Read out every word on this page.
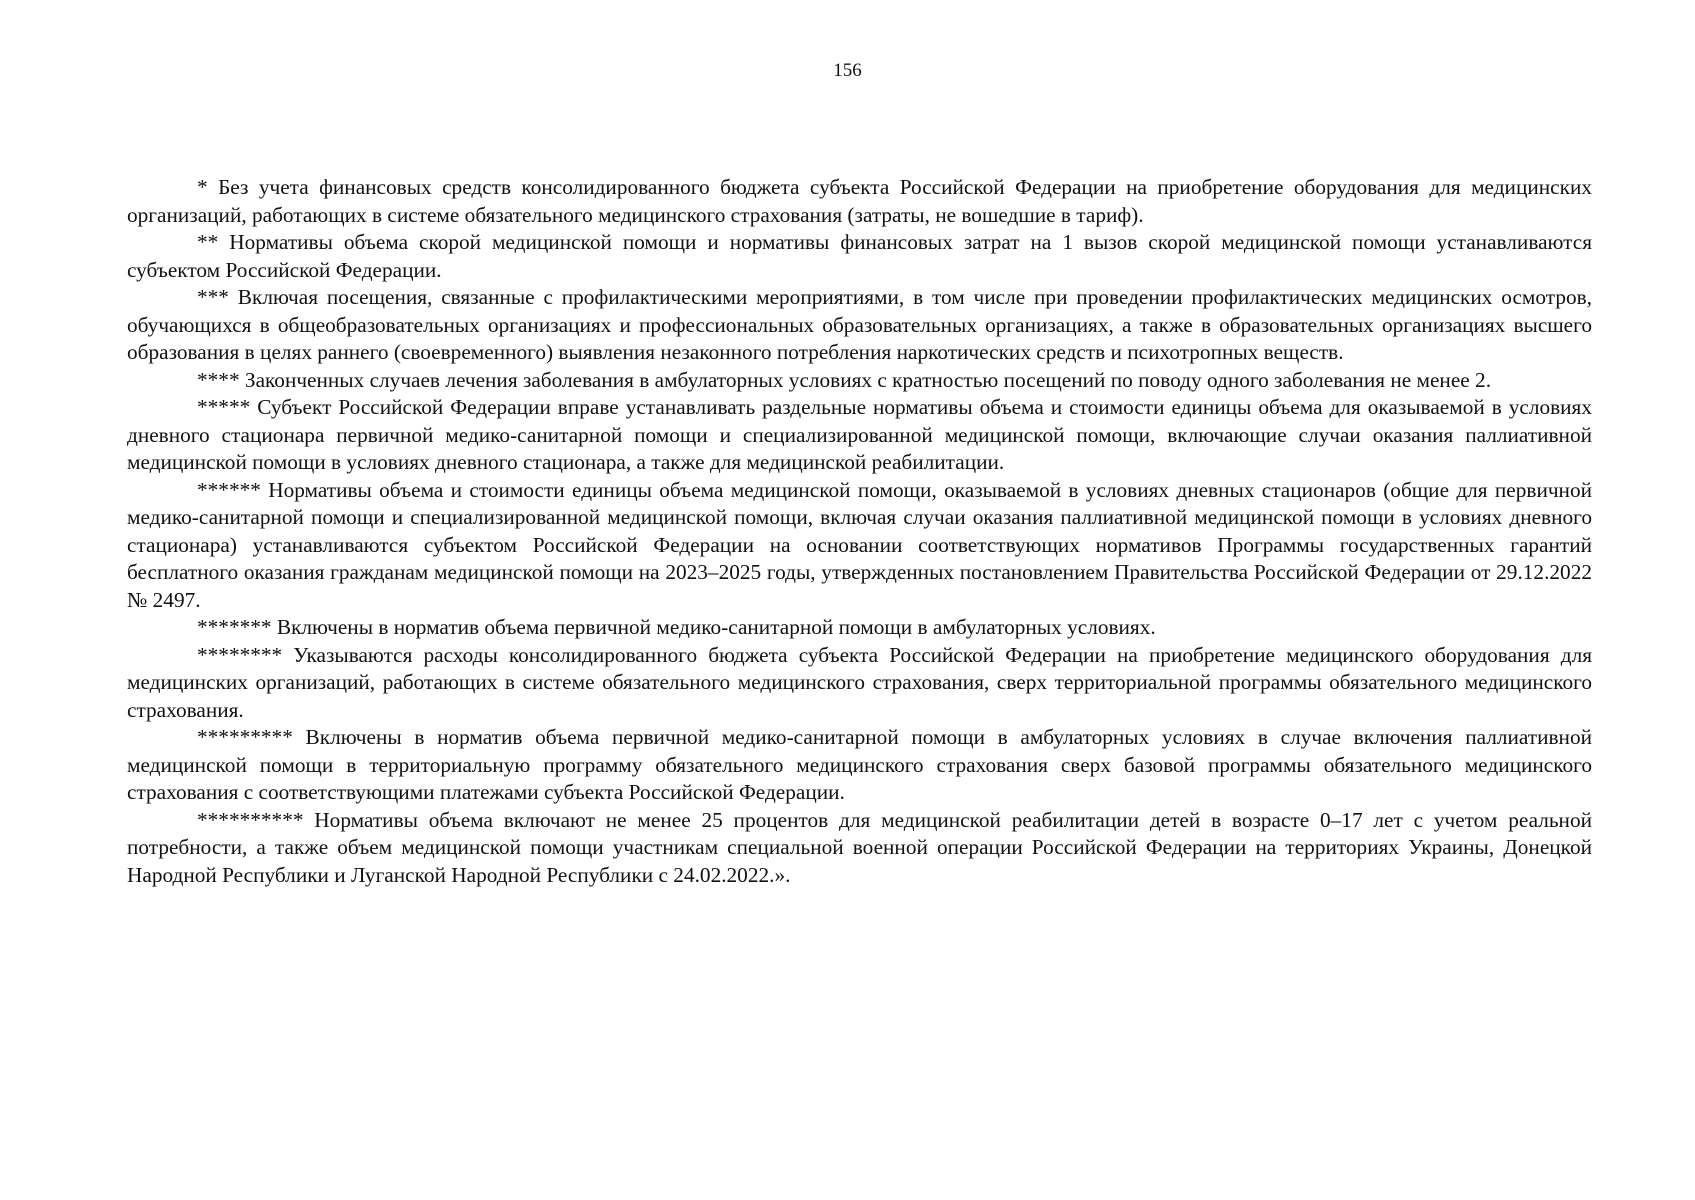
156

* Без учета финансовых средств консолидированного бюджета субъекта Российской Федерации на приобретение оборудования для медицинских организаций, работающих в системе обязательного медицинского страхования (затраты, не вошедшие в тариф).

** Нормативы объема скорой медицинской помощи и нормативы финансовых затрат на 1 вызов скорой медицинской помощи устанавливаются субъектом Российской Федерации.

*** Включая посещения, связанные с профилактическими мероприятиями, в том числе при проведении профилактических медицинских осмотров, обучающихся в общеобразовательных организациях и профессиональных образовательных организациях, а также в образовательных организациях высшего образования в целях раннего (своевременного) выявления незаконного потребления наркотических средств и психотропных веществ.

**** Законченных случаев лечения заболевания в амбулаторных условиях с кратностью посещений по поводу одного заболевания не менее 2.

***** Субъект Российской Федерации вправе устанавливать раздельные нормативы объема и стоимости единицы объема для оказываемой в условиях дневного стационара первичной медико-санитарной помощи и специализированной медицинской помощи, включающие случаи оказания паллиативной медицинской помощи в условиях дневного стационара, а также для медицинской реабилитации.

****** Нормативы объема и стоимости единицы объема медицинской помощи, оказываемой в условиях дневных стационаров (общие для первичной медико-санитарной помощи и специализированной медицинской помощи, включая случаи оказания паллиативной медицинской помощи в условиях дневного стационара) устанавливаются субъектом Российской Федерации на основании соответствующих нормативов Программы государственных гарантий бесплатного оказания гражданам медицинской помощи на 2023–2025 годы, утвержденных постановлением Правительства Российской Федерации от 29.12.2022 № 2497.

******* Включены в норматив объема первичной медико-санитарной помощи в амбулаторных условиях.

******** Указываются расходы консолидированного бюджета субъекта Российской Федерации на приобретение медицинского оборудования для медицинских организаций, работающих в системе обязательного медицинского страхования, сверх территориальной программы обязательного медицинского страхования.

********* Включены в норматив объема первичной медико-санитарной помощи в амбулаторных условиях в случае включения паллиативной медицинской помощи в территориальную программу обязательного медицинского страхования сверх базовой программы обязательного медицинского страхования с соответствующими платежами субъекта Российской Федерации.

********** Нормативы объема включают не менее 25 процентов для медицинской реабилитации детей в возрасте 0–17 лет с учетом реальной потребности, а также объем медицинской помощи участникам специальной военной операции Российской Федерации на территориях Украины, Донецкой Народной Республики и Луганской Народной Республики с 24.02.2022.».
